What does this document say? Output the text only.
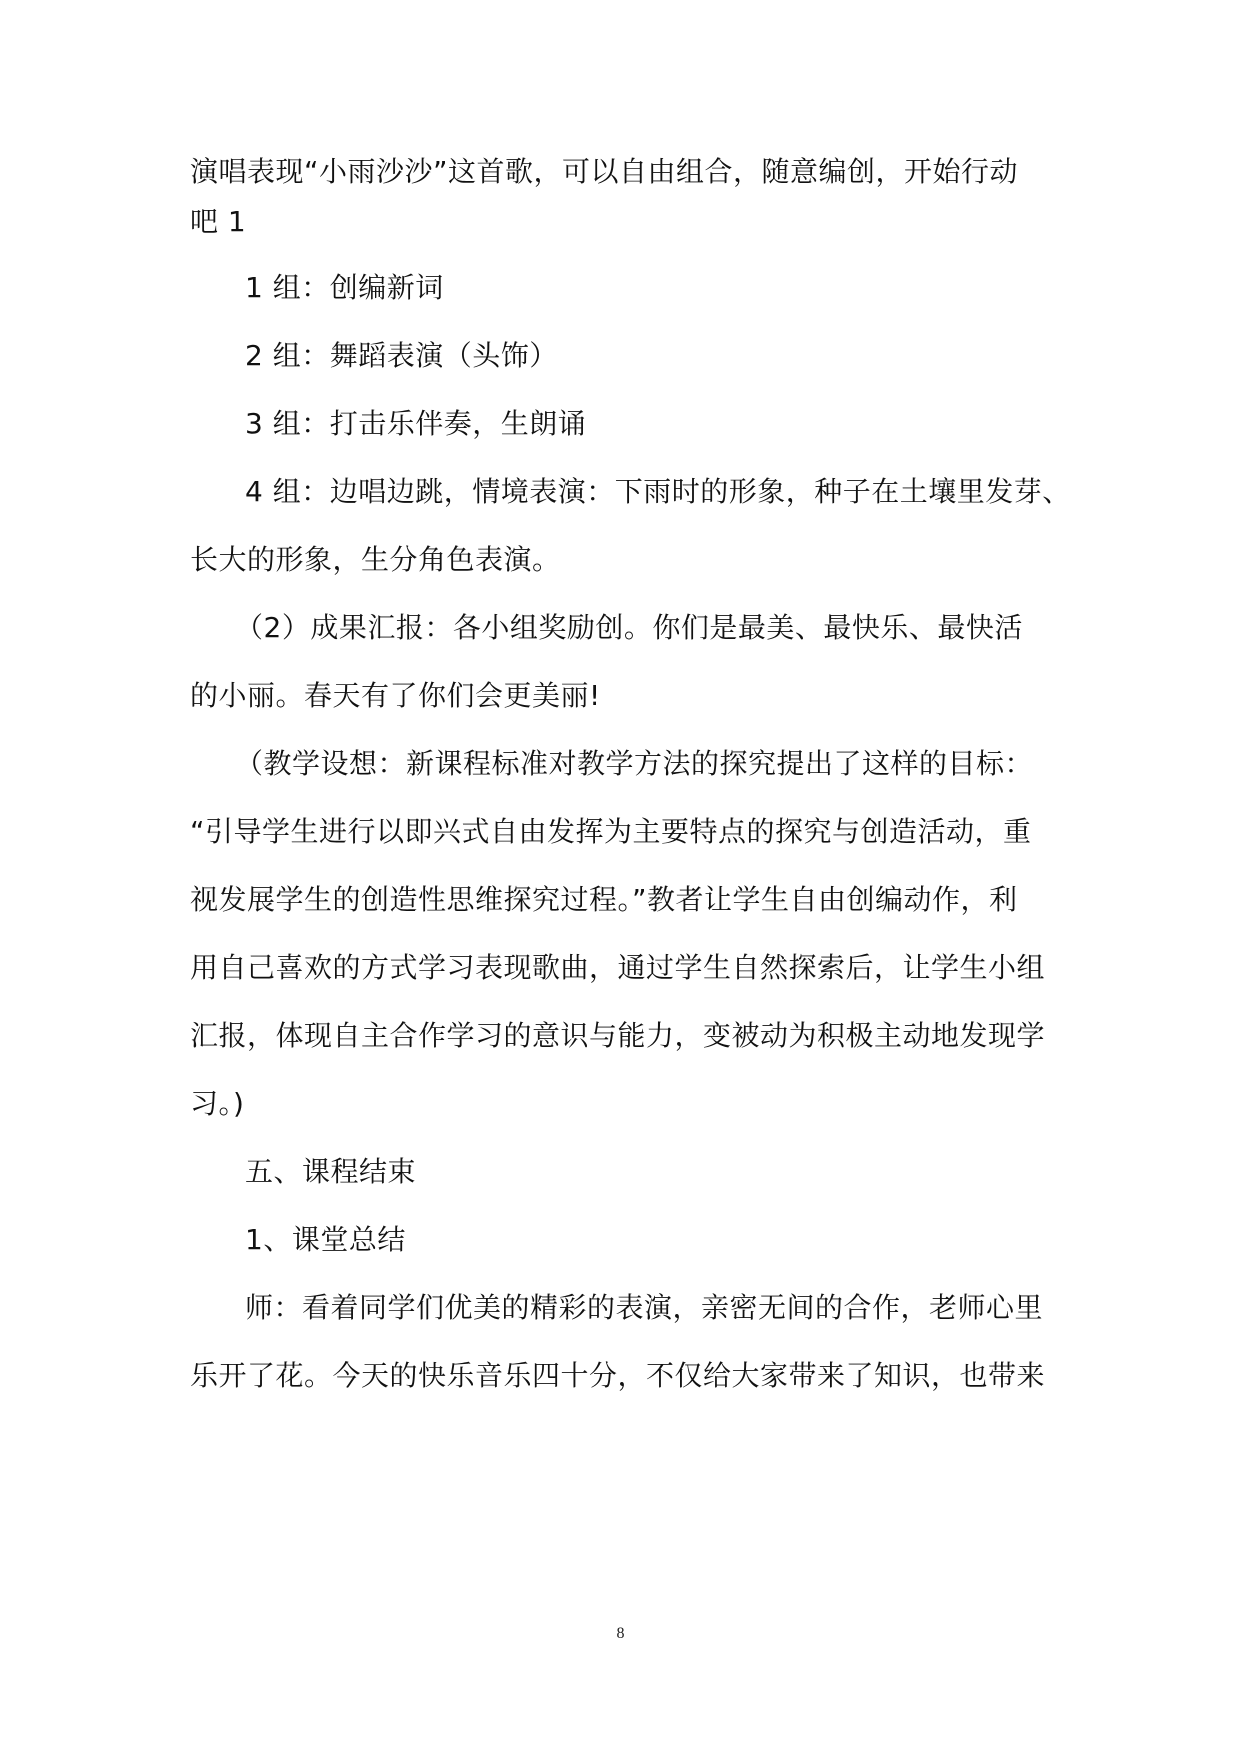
演唱表现“小雨沙沙”这首歌，可以自由组合，随意编创，开始行动
吧 1
1 组：创编新词
2 组：舞蹈表演（头饰）
3 组：打击乐伴奏，生朗诵
4 组：边唱边跳，情境表演：下雨时的形象，种子在土壤里发芽、
长大的形象，生分角色表演。
（2）成果汇报：各小组奖励创。你们是最美、最快乐、最快活
的小丽。春天有了你们会更美丽!
（教学设想：新课程标准对教学方法的探究提出了这样的目标：
“引导学生进行以即兴式自由发挥为主要特点的探究与创造活动，重
视发展学生的创造性思维探究过程。”教者让学生自由创编动作，利
用自己喜欢的方式学习表现歌曲，通过学生自然探索后，让学生小组
汇报，体现自主合作学习的意识与能力，变被动为积极主动地发现学
习。)
五、课程结束
1、课堂总结
师：看着同学们优美的精彩的表演，亲密无间的合作，老师心里
乐开了花。今天的快乐音乐四十分，不仅给大家带来了知识，也带来
8
